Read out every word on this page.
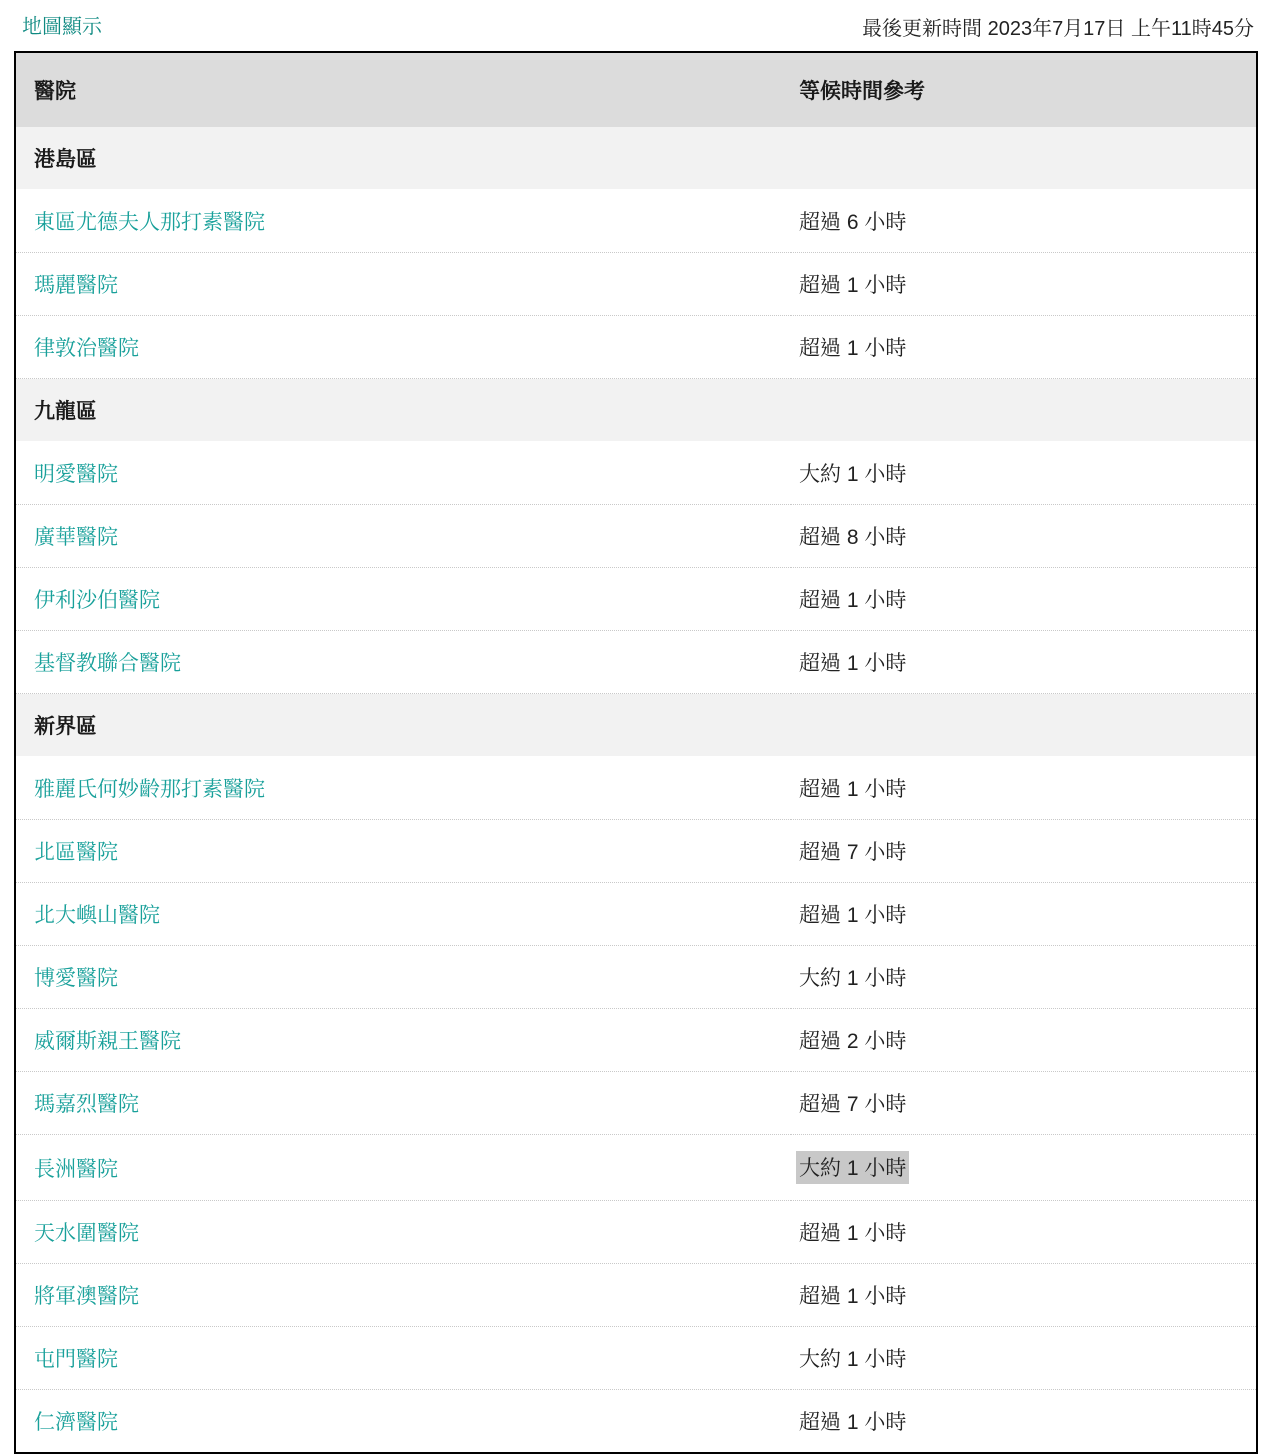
地圖顯示	最後更新時間 2023年7月17日 上午11時45分
醫院	等候時間參考

港島區	
東區尤德夫人那打素醫院	超過 6 小時
瑪麗醫院	超過 1 小時
律敦治醫院	超過 1 小時
九龍區	
明愛醫院	大約 1 小時
廣華醫院	超過 8 小時
伊利沙伯醫院	超過 1 小時
基督教聯合醫院	超過 1 小時
新界區	
雅麗氏何妙齡那打素醫院	超過 1 小時
北區醫院	超過 7 小時
北大嶼山醫院	超過 1 小時
博愛醫院	大約 1 小時
威爾斯親王醫院	超過 2 小時
瑪嘉烈醫院	超過 7 小時
長洲醫院	大約 1 小時
天水圍醫院	超過 1 小時
將軍澳醫院	超過 1 小時
屯門醫院	大約 1 小時
仁濟醫院	超過 1 小時
